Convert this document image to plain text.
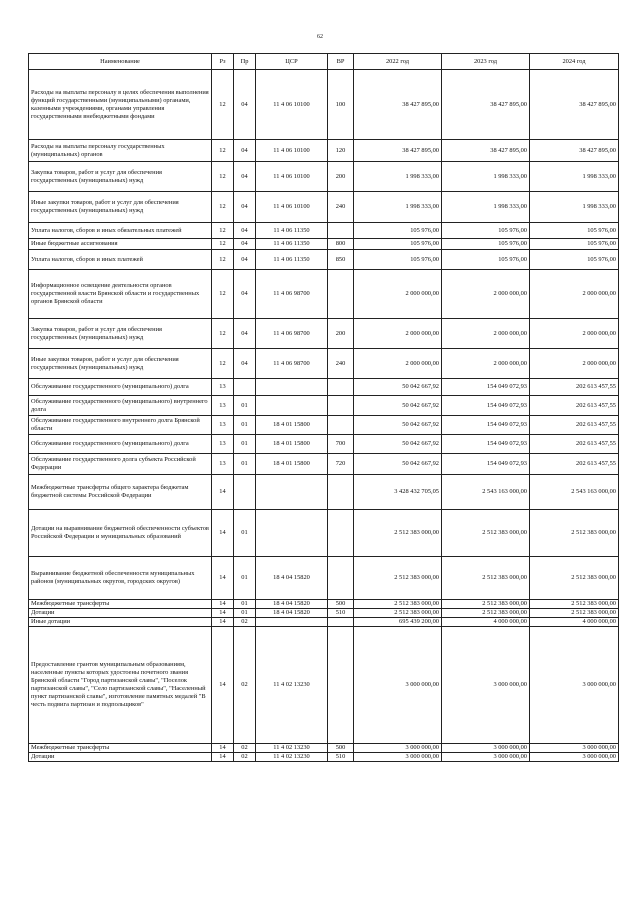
62
Наименование	Рз	Пр	ЦСР	ВР	2022 год	2023 год	2024 год
Расходы на выплаты персоналу в целях обеспечения выполнения функций государственными (муниципальными) органами, казенными учреждениями, органами управления государственными внебюджетными фондами	12	04	11 4 06 10100	100	38 427 895,00	38 427 895,00	38 427 895,00
Расходы на выплаты персоналу государственных (муниципальных) органов	12	04	11 4 06 10100	120	38 427 895,00	38 427 895,00	38 427 895,00
Закупка товаров, работ и услуг для обеспечения государственных (муниципальных) нужд	12	04	11 4 06 10100	200	1 998 333,00	1 998 333,00	1 998 333,00
Иные закупки товаров, работ и услуг для обеспечения государственных (муниципальных) нужд	12	04	11 4 06 10100	240	1 998 333,00	1 998 333,00	1 998 333,00
Уплата налогов, сборов и иных обязательных платежей	12	04	11 4 06 11350		105 976,00	105 976,00	105 976,00
Иные бюджетные ассигнования	12	04	11 4 06 11350	800	105 976,00	105 976,00	105 976,00
Уплата налогов, сборов и иных платежей	12	04	11 4 06 11350	850	105 976,00	105 976,00	105 976,00
Информационное освещение деятельности органов государственной власти Брянской области и государственных органов Брянской области	12	04	11 4 06 98700		2 000 000,00	2 000 000,00	2 000 000,00
Закупка товаров, работ и услуг для обеспечения государственных (муниципальных) нужд	12	04	11 4 06 98700	200	2 000 000,00	2 000 000,00	2 000 000,00
Иные закупки товаров, работ и услуг для обеспечения государственных (муниципальных) нужд	12	04	11 4 06 98700	240	2 000 000,00	2 000 000,00	2 000 000,00
Обслуживание государственного (муниципального) долга	13				50 042 667,92	154 049 072,93	202 613 457,55
Обслуживание государственного (муниципального) внутреннего долга	13	01			50 042 667,92	154 049 072,93	202 613 457,55
Обслуживание государственного внутреннего долга Брянской области	13	01	18 4 01 15800		50 042 667,92	154 049 072,93	202 613 457,55
Обслуживание государственного (муниципального) долга	13	01	18 4 01 15800	700	50 042 667,92	154 049 072,93	202 613 457,55
Обслуживание государственного долга субъекта Российской Федерации	13	01	18 4 01 15800	720	50 042 667,92	154 049 072,93	202 613 457,55
Межбюджетные трансферты общего характера бюджетам бюджетной системы Российской Федерации	14				3 428 432 705,05	2 543 163 000,00	2 543 163 000,00
Дотации на выравнивание бюджетной обеспеченности субъектов Российской Федерации и муниципальных образований	14	01			2 512 383 000,00	2 512 383 000,00	2 512 383 000,00
Выравнивание бюджетной обеспеченности муниципальных районов (муниципальных округов, городских округов)	14	01	18 4 04 15820		2 512 383 000,00	2 512 383 000,00	2 512 383 000,00
Межбюджетные трансферты	14	01	18 4 04 15820	500	2 512 383 000,00	2 512 383 000,00	2 512 383 000,00
Дотации	14	01	18 4 04 15820	510	2 512 383 000,00	2 512 383 000,00	2 512 383 000,00
Иные дотации	14	02			695 439 200,00	4 000 000,00	4 000 000,00
Предоставление грантов муниципальным образованиям, населенные пункты которых удостоены почетного звания Брянской области "Город партизанской славы", "Поселок партизанской славы", "Село партизанской славы", "Населенный пункт партизанской славы", изготовление памятных медалей "В честь подвига партизан и подпольщиков"	14	02	11 4 02 13230		3 000 000,00	3 000 000,00	3 000 000,00
Межбюджетные трансферты	14	02	11 4 02 13230	500	3 000 000,00	3 000 000,00	3 000 000,00
Дотации	14	02	11 4 02 13230	510	3 000 000,00	3 000 000,00	3 000 000,00
